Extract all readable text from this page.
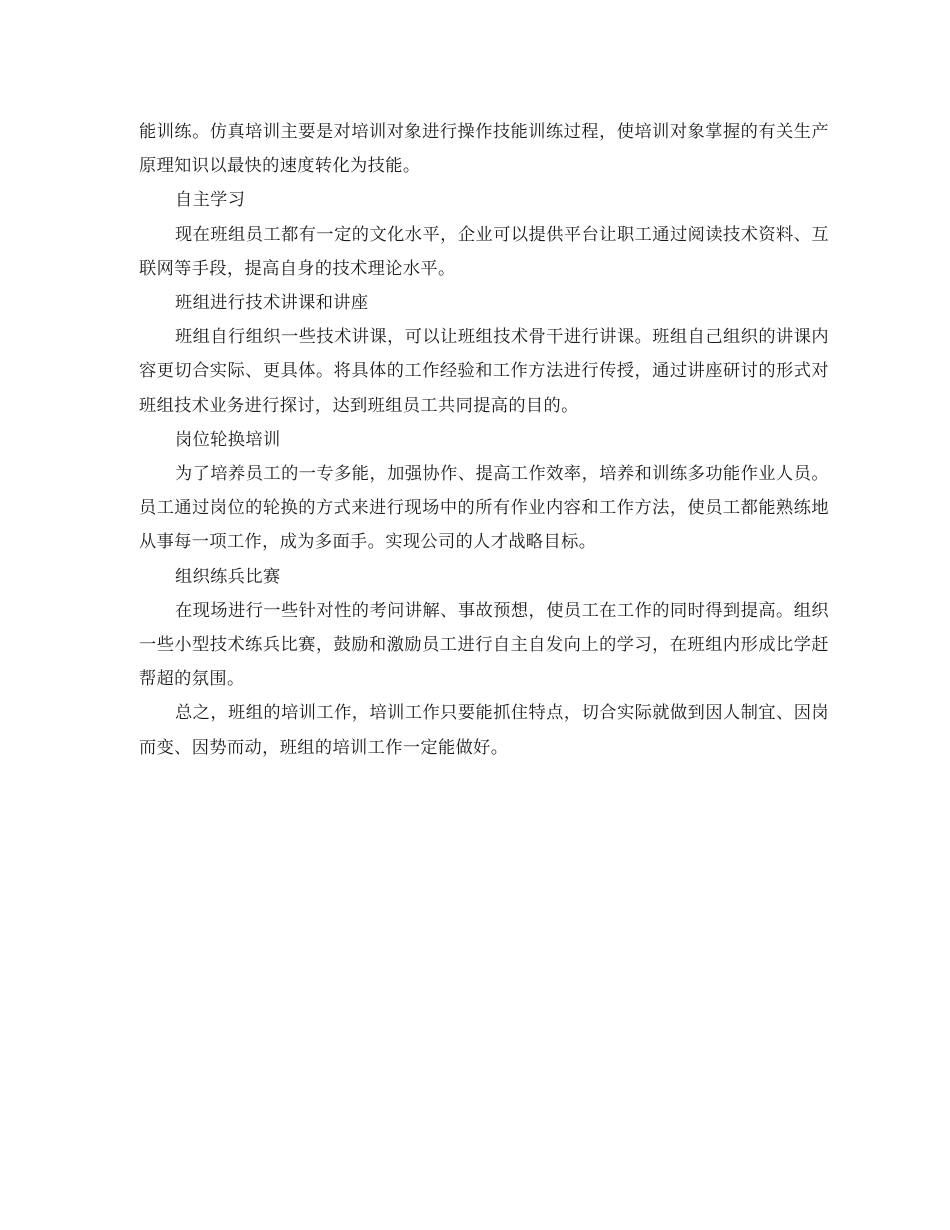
能训练。仿真培训主要是对培训对象进行操作技能训练过程，使培训对象掌握的有关生产原理知识以最快的速度转化为技能。

自主学习

现在班组员工都有一定的文化水平，企业可以提供平台让职工通过阅读技术资料、互联网等手段，提高自身的技术理论水平。

班组进行技术讲课和讲座

班组自行组织一些技术讲课，可以让班组技术骨干进行讲课。班组自己组织的讲课内容更切合实际、更具体。将具体的工作经验和工作方法进行传授，通过讲座研讨的形式对班组技术业务进行探讨，达到班组员工共同提高的目的。

岗位轮换培训

为了培养员工的一专多能，加强协作、提高工作效率，培养和训练多功能作业人员。员工通过岗位的轮换的方式来进行现场中的所有作业内容和工作方法，使员工都能熟练地从事每一项工作，成为多面手。实现公司的人才战略目标。

组织练兵比赛

在现场进行一些针对性的考问讲解、事故预想，使员工在工作的同时得到提高。组织一些小型技术练兵比赛，鼓励和激励员工进行自主自发向上的学习，在班组内形成比学赶帮超的氛围。

总之，班组的培训工作，培训工作只要能抓住特点，切合实际就做到因人制宜、因岗而变、因势而动，班组的培训工作一定能做好。
